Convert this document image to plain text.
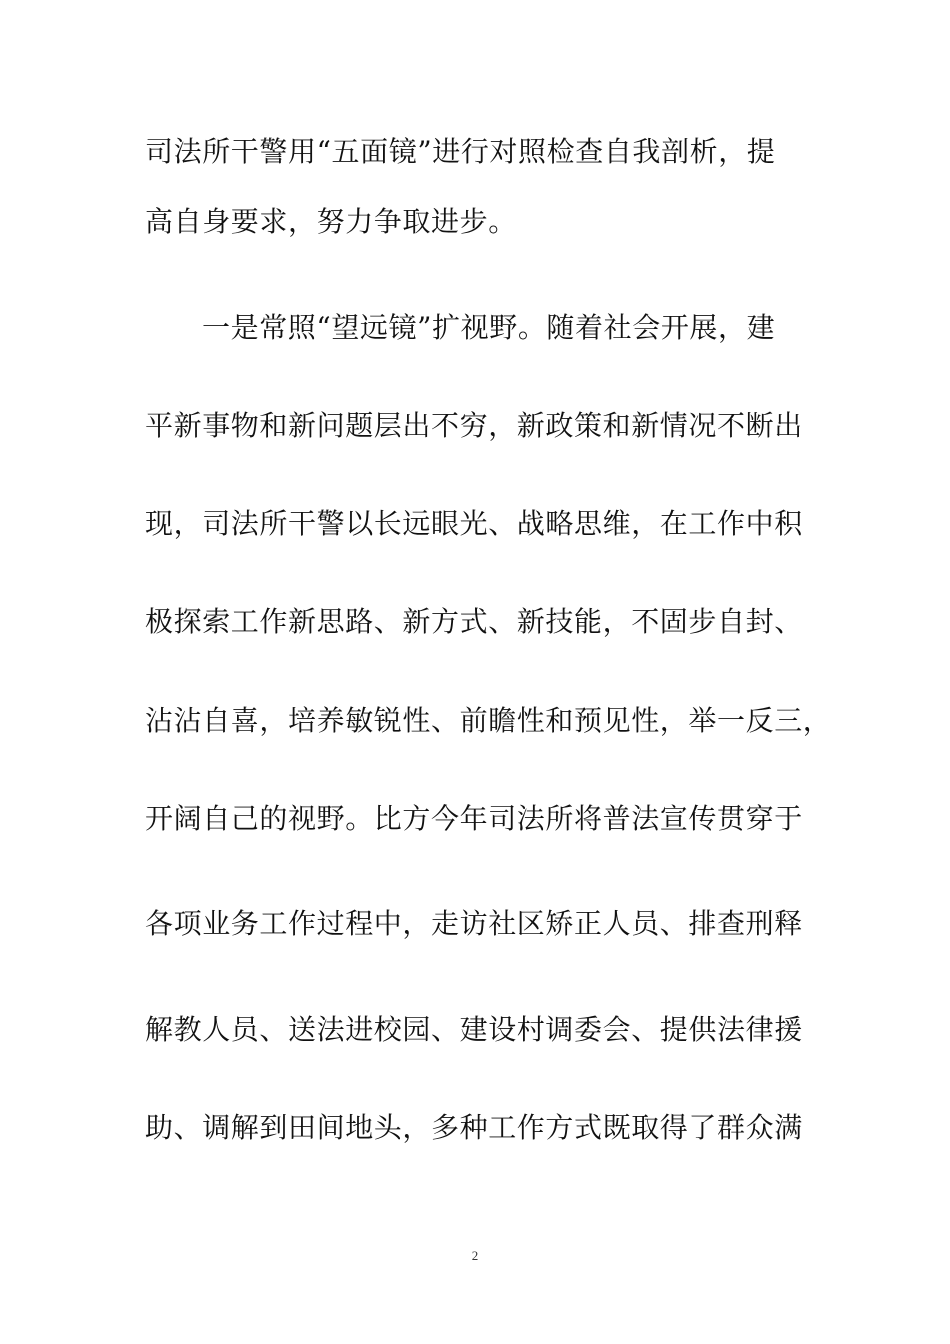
司法所干警用“五面镜”进行对照检查自我剖析，提
高自身要求，努力争取进步。
一是常照“望远镜”扩视野。随着社会开展，建
平新事物和新问题层出不穷，新政策和新情况不断出
现，司法所干警以长远眼光、战略思维，在工作中积
极探索工作新思路、新方式、新技能，不固步自封、
沾沾自喜，培养敏锐性、前瞻性和预见性，举一反三，
开阔自己的视野。比方今年司法所将普法宣传贯穿于
各项业务工作过程中，走访社区矫正人员、排查刑释
解教人员、送法进校园、建设村调委会、提供法律援
助、调解到田间地头，多种工作方式既取得了群众满
2
